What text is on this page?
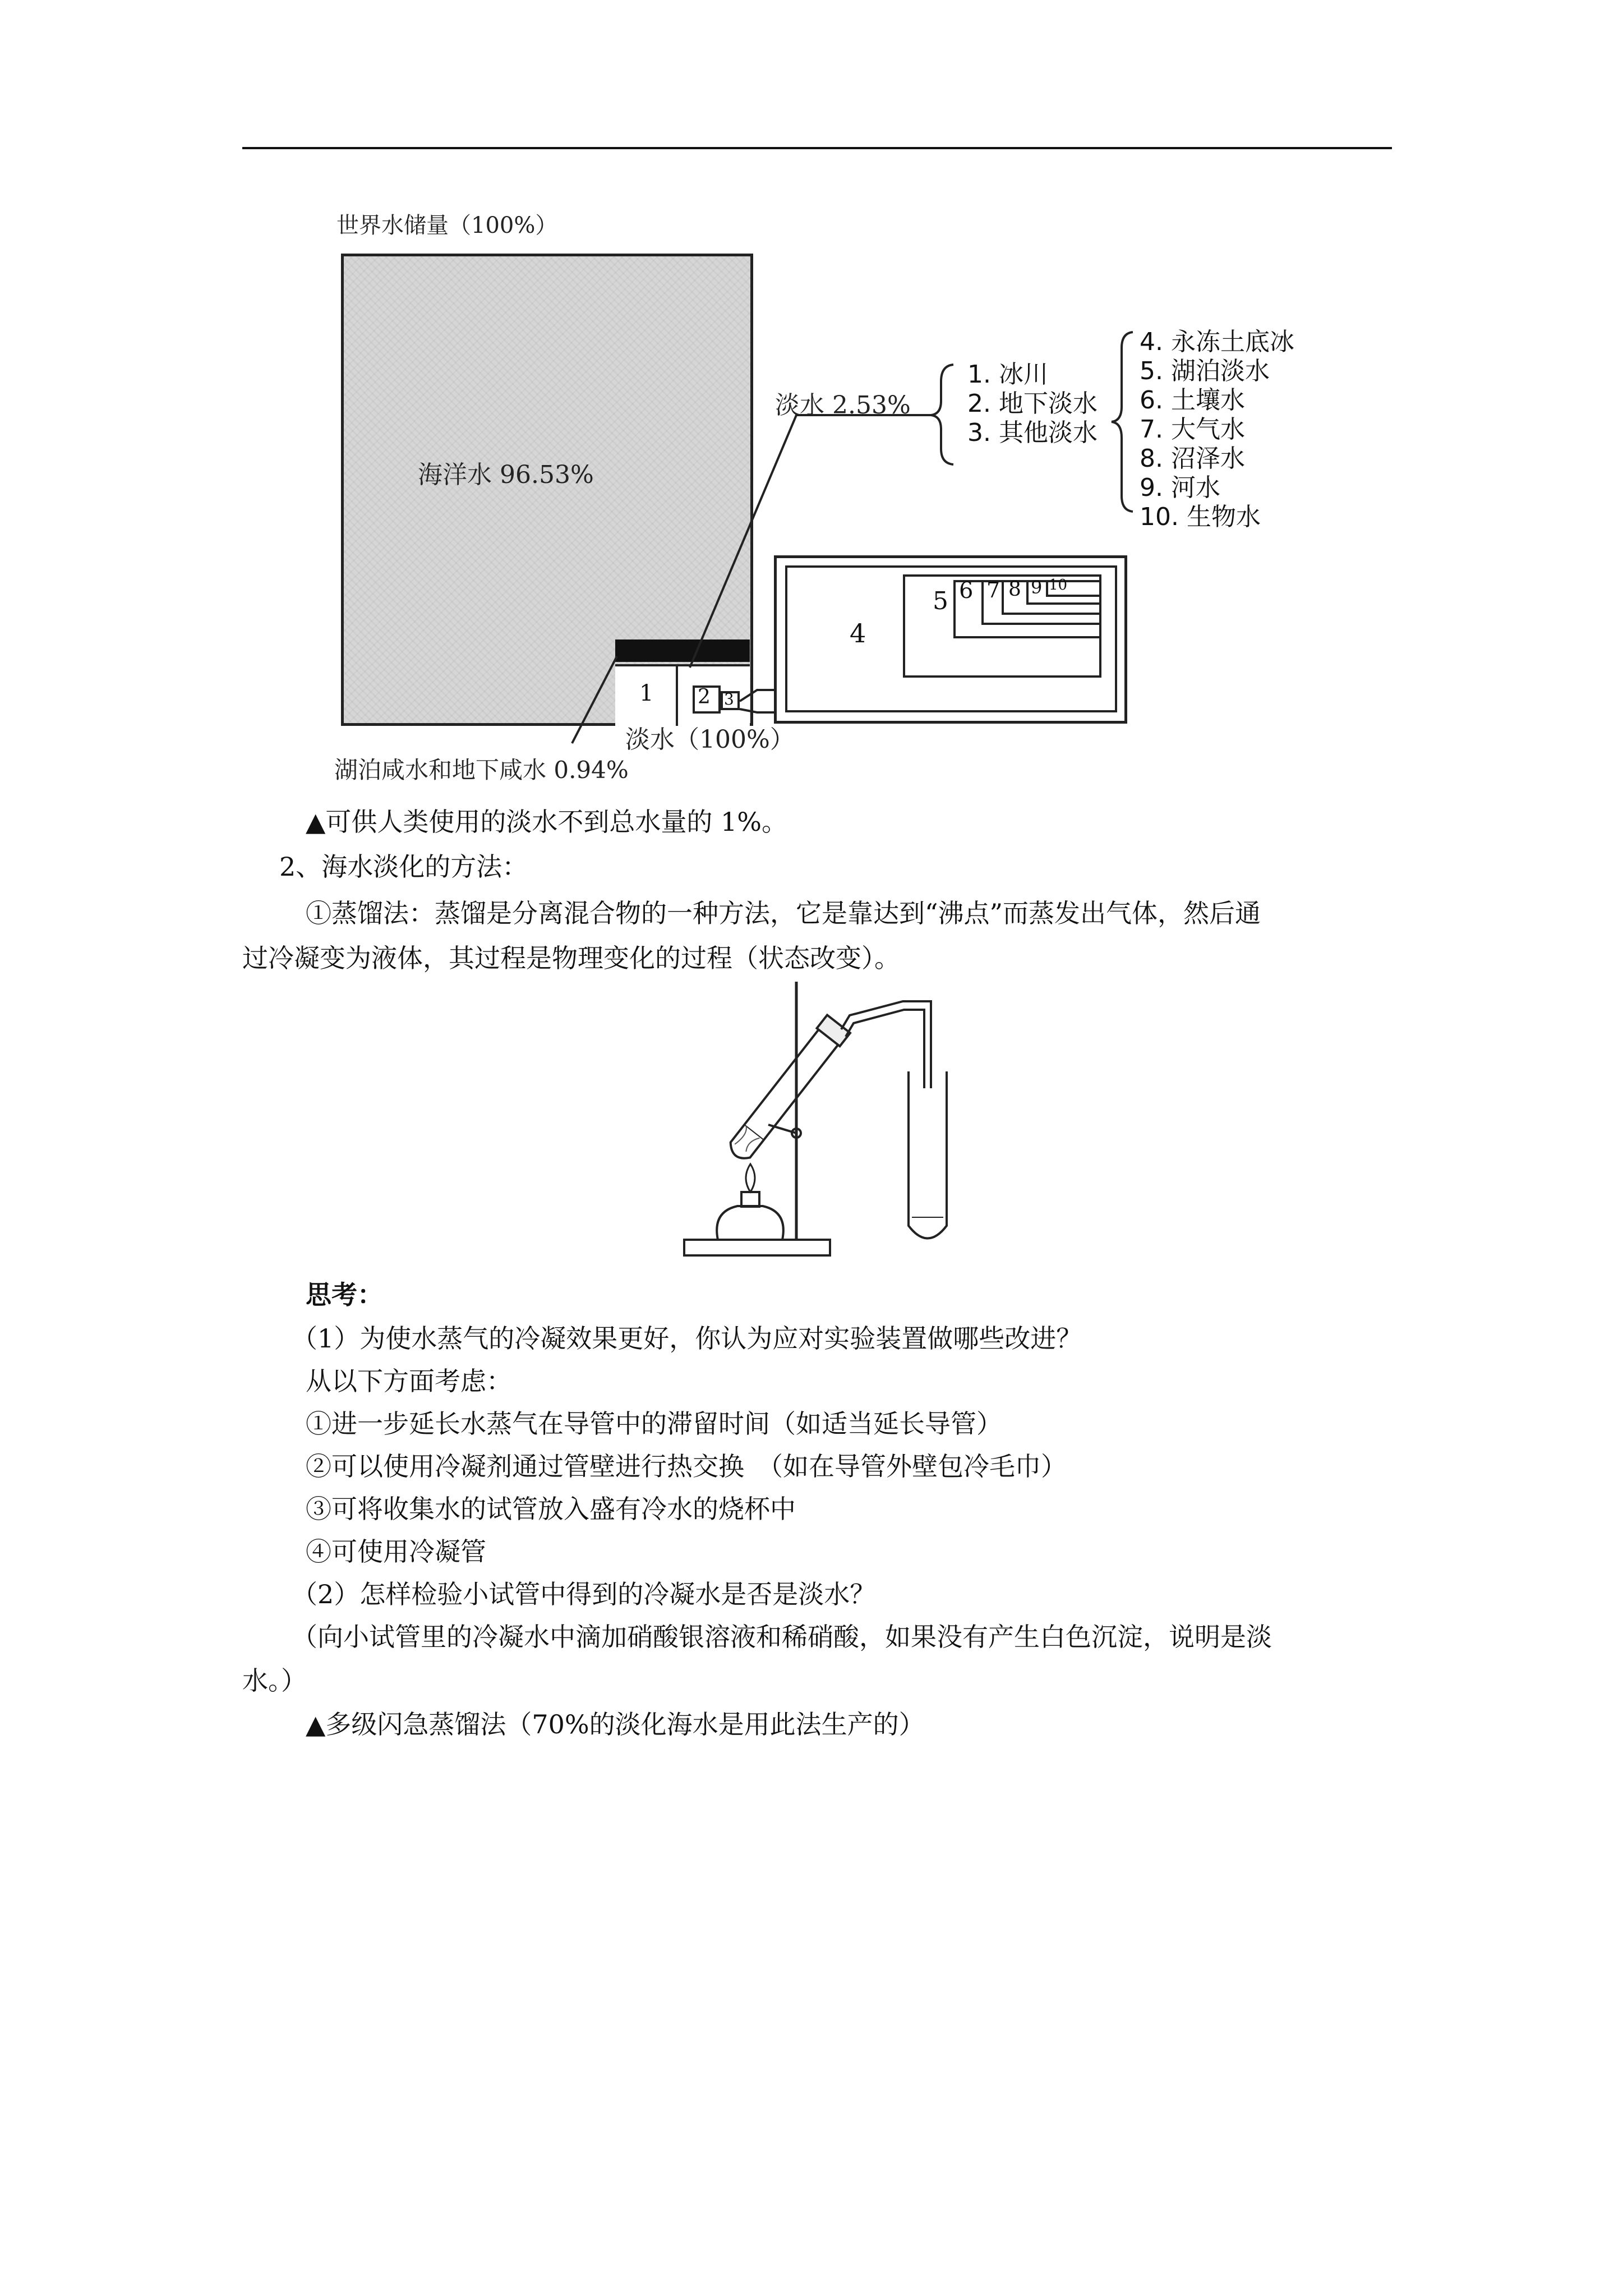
世界水储量（100%）
海洋水 96.53%
1 2 3
4
5 6 7 8 9 10
淡水 2.53%
1. 冰川
2. 地下淡水
3. 其他淡水
4. 永冻土底冰
5. 湖泊淡水
6. 土壤水
7. 大气水
8. 沼泽水
9. 河水
10. 生物水
淡水（100%）
湖泊咸水和地下咸水 0.94%
▲可供人类使用的淡水不到总水量的 1%。
2、海水淡化的方法：
①蒸馏法：蒸馏是分离混合物的一种方法，它是靠达到“沸点”而蒸发出气体，然后通
过冷凝变为液体，其过程是物理变化的过程（状态改变）。
思考：
（1）为使水蒸气的冷凝效果更好，你认为应对实验装置做哪些改进？
从以下方面考虑：
①进一步延长水蒸气在导管中的滞留时间（如适当延长导管）
②可以使用冷凝剂通过管壁进行热交换　（如在导管外壁包冷毛巾）
③可将收集水的试管放入盛有冷水的烧杯中
④可使用冷凝管
（2）怎样检验小试管中得到的冷凝水是否是淡水？
（向小试管里的冷凝水中滴加硝酸银溶液和稀硝酸，如果没有产生白色沉淀，说明是淡
水。）
▲多级闪急蒸馏法（70%的淡化海水是用此法生产的）
